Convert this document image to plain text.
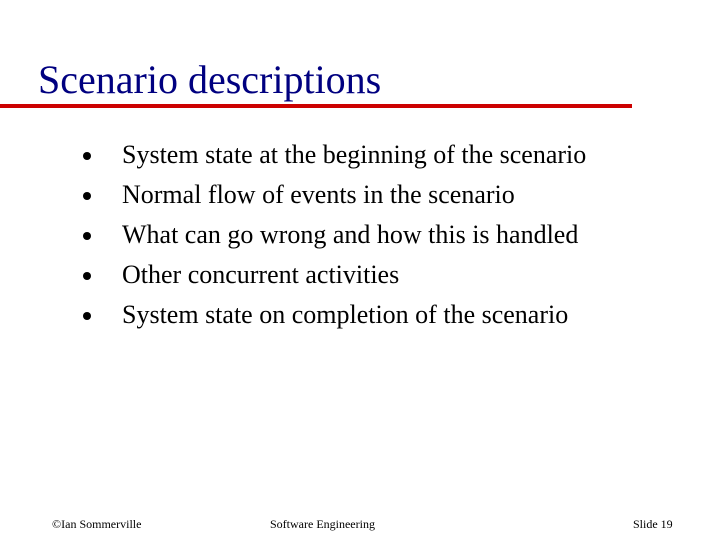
Scenario descriptions
System state at the beginning of the scenario
Normal flow of events in the scenario
What can go wrong and how this is handled
Other concurrent activities
System state on completion of the scenario
©Ian Sommerville	Software Engineering	Slide 19
